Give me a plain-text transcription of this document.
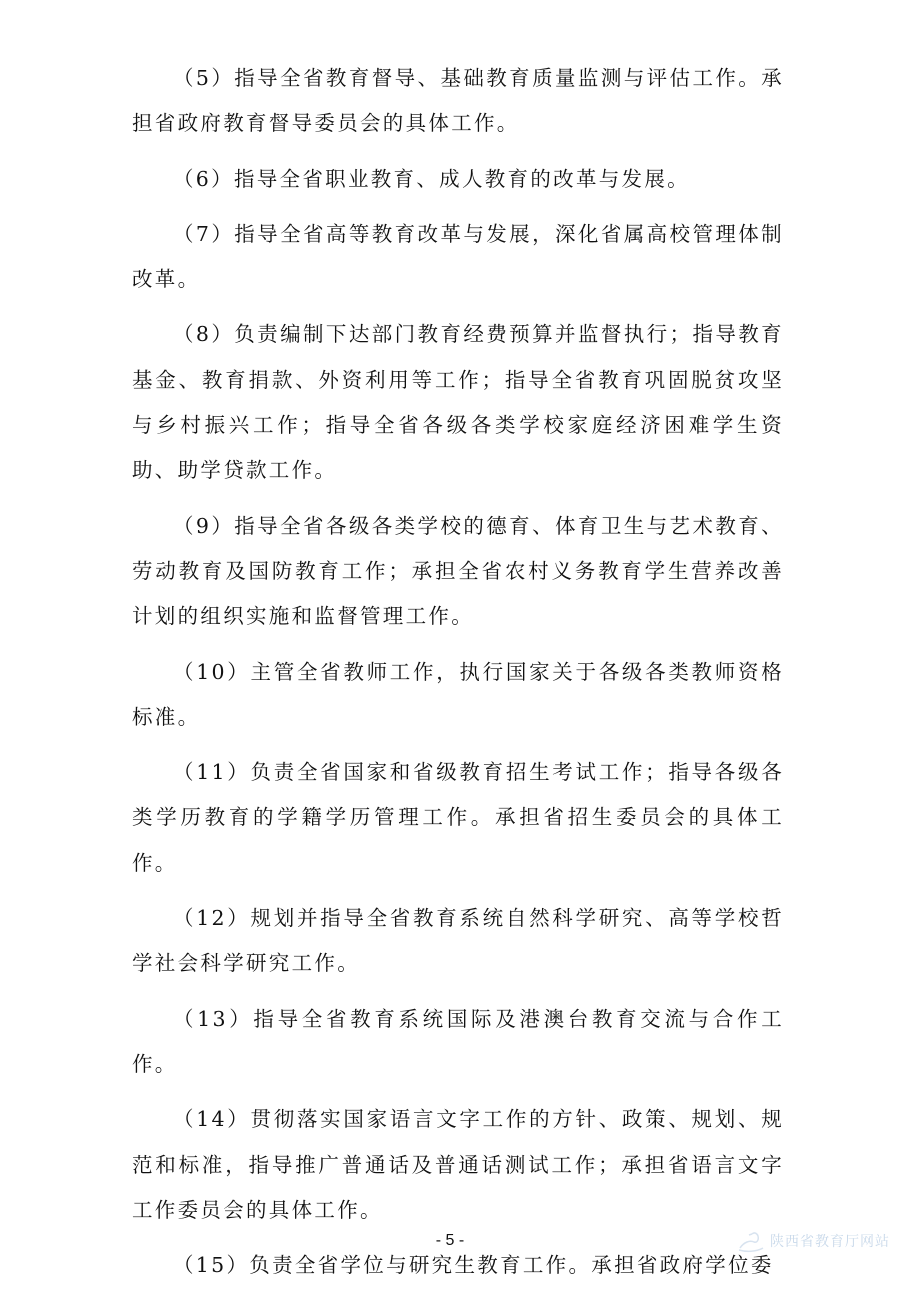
（5）指导全省教育督导、基础教育质量监测与评估工作。承担省政府教育督导委员会的具体工作。

（6）指导全省职业教育、成人教育的改革与发展。

（7）指导全省高等教育改革与发展，深化省属高校管理体制改革。

（8）负责编制下达部门教育经费预算并监督执行；指导教育基金、教育捐款、外资利用等工作；指导全省教育巩固脱贫攻坚与乡村振兴工作；指导全省各级各类学校家庭经济困难学生资助、助学贷款工作。

（9）指导全省各级各类学校的德育、体育卫生与艺术教育、劳动教育及国防教育工作；承担全省农村义务教育学生营养改善计划的组织实施和监督管理工作。

（10）主管全省教师工作，执行国家关于各级各类教师资格标准。

（11）负责全省国家和省级教育招生考试工作；指导各级各类学历教育的学籍学历管理工作。承担省招生委员会的具体工作。

（12）规划并指导全省教育系统自然科学研究、高等学校哲学社会科学研究工作。

（13）指导全省教育系统国际及港澳台教育交流与合作工作。

（14）贯彻落实国家语言文字工作的方针、政策、规划、规范和标准，指导推广普通话及普通话测试工作；承担省语言文字工作委员会的具体工作。

（15）负责全省学位与研究生教育工作。承担省政府学位委

- 5 -	陕西省教育厅网站
